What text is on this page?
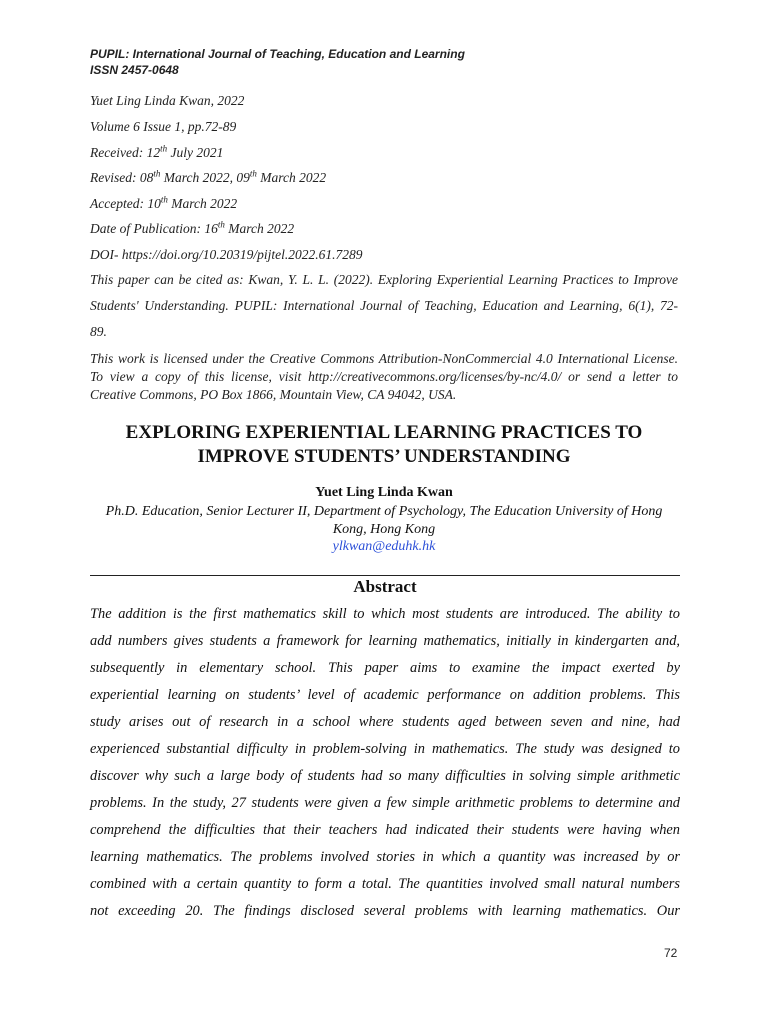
PUPIL: International Journal of Teaching, Education and Learning
ISSN 2457-0648
Yuet Ling Linda Kwan, 2022
Volume 6 Issue 1, pp.72-89
Received: 12th July 2021
Revised: 08th March 2022, 09th March 2022
Accepted: 10th March 2022
Date of Publication: 16th March 2022
DOI- https://doi.org/10.20319/pijtel.2022.61.7289
This paper can be cited as: Kwan, Y. L. L. (2022). Exploring Experiential Learning Practices to Improve
Students' Understanding. PUPIL: International Journal of Teaching, Education and Learning, 6(1), 72-
89.
This work is licensed under the Creative Commons Attribution-NonCommercial 4.0 International License. To view a copy of this license, visit http://creativecommons.org/licenses/by-nc/4.0/ or send a letter to Creative Commons, PO Box 1866, Mountain View, CA 94042, USA.
EXPLORING EXPERIENTIAL LEARNING PRACTICES TO
IMPROVE STUDENTS’ UNDERSTANDING
Yuet Ling Linda Kwan
Ph.D. Education, Senior Lecturer II, Department of Psychology, The Education University of Hong Kong, Hong Kong
ylkwan@eduhk.hk
Abstract
The addition is the first mathematics skill to which most students are introduced. The ability to
add numbers gives students a framework for learning mathematics, initially in kindergarten and,
subsequently in elementary school. This paper aims to examine the impact exerted by
experiential learning on students’ level of academic performance on addition problems. This
study arises out of research in a school where students aged between seven and nine, had
experienced substantial difficulty in problem-solving in mathematics. The study was designed to
discover why such a large body of students had so many difficulties in solving simple arithmetic
problems. In the study, 27 students were given a few simple arithmetic problems to determine and
comprehend the difficulties that their teachers had indicated their students were having when
learning mathematics. The problems involved stories in which a quantity was increased by or
combined with a certain quantity to form a total. The quantities involved small natural numbers
not exceeding 20. The findings disclosed several problems with learning mathematics. Our
72
